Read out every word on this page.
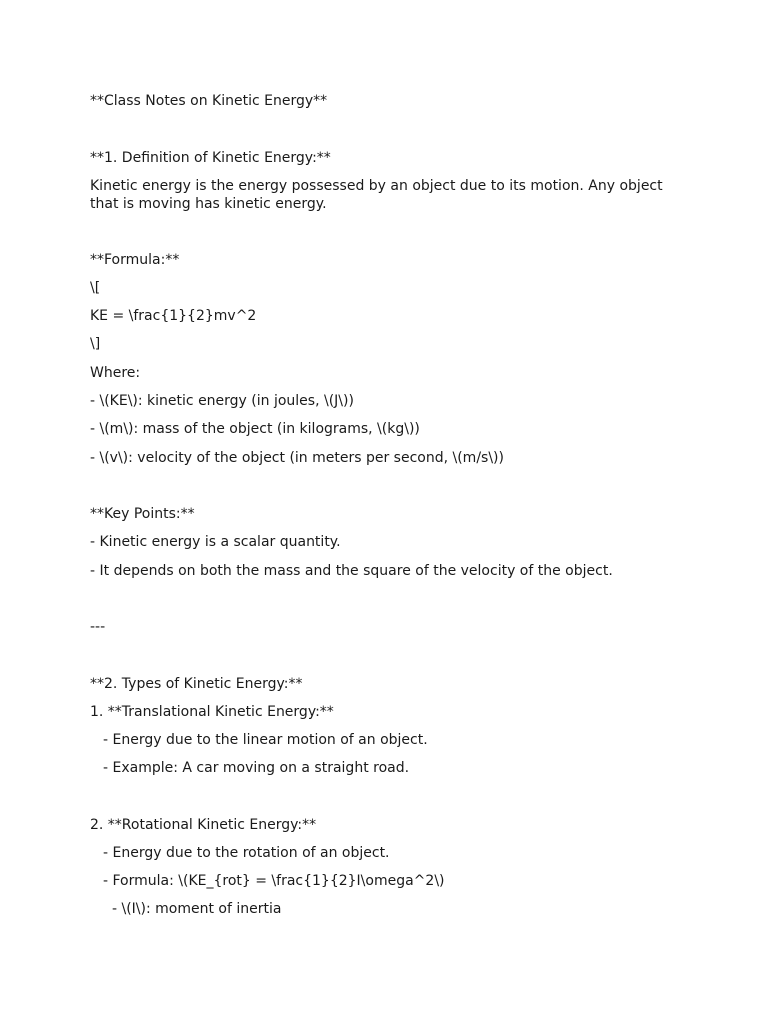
**Class Notes on Kinetic Energy**
**1. Definition of Kinetic Energy:**
Kinetic energy is the energy possessed by an object due to its motion. Any object that is moving has kinetic energy.
**Formula:**
\[
KE = \frac{1}{2}mv^2
\]
Where:
- \(KE\): kinetic energy (in joules, \(J\))
- \(m\): mass of the object (in kilograms, \(kg\))
- \(v\): velocity of the object (in meters per second, \(m/s\))
**Key Points:**
- Kinetic energy is a scalar quantity.
- It depends on both the mass and the square of the velocity of the object.
---
**2. Types of Kinetic Energy:**
1. **Translational Kinetic Energy:**
- Energy due to the linear motion of an object.
- Example: A car moving on a straight road.
2. **Rotational Kinetic Energy:**
- Energy due to the rotation of an object.
- Formula: \(KE_{rot} = \frac{1}{2}I\omega^2\)
- \(I\): moment of inertia
